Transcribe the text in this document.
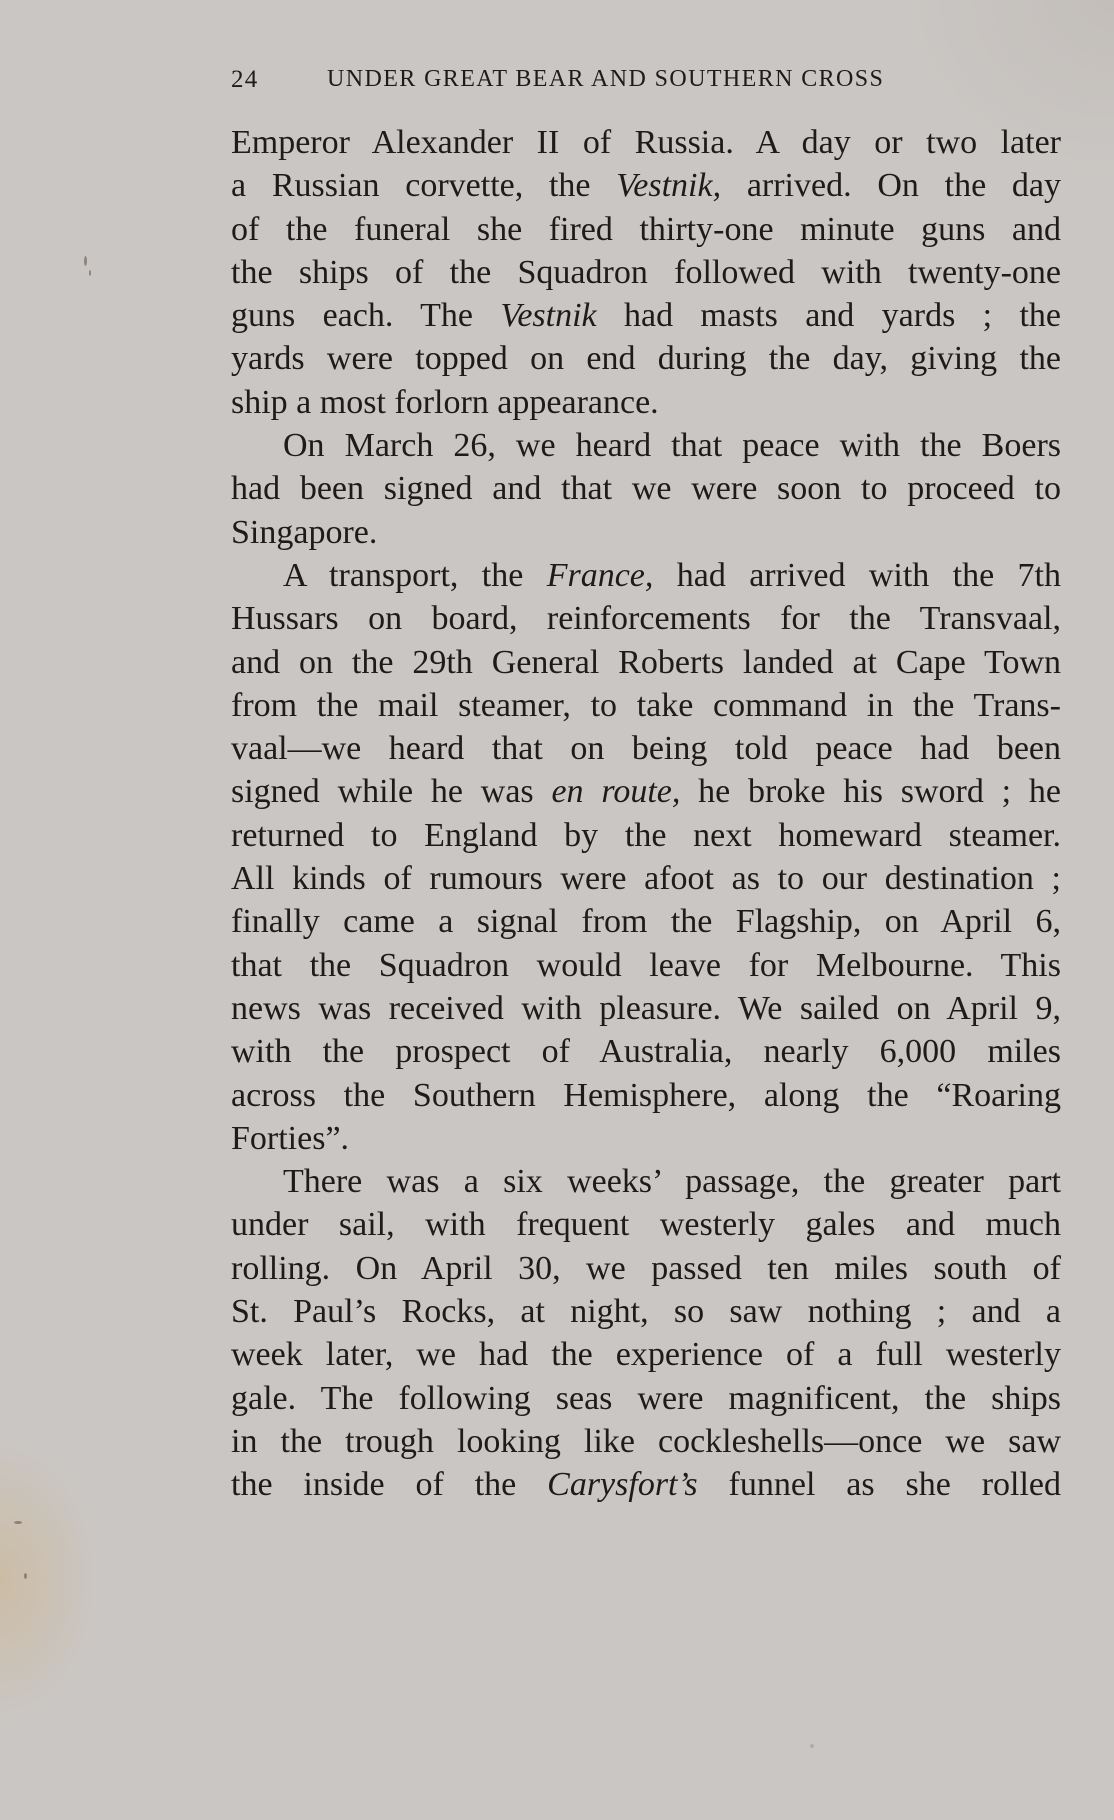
24	UNDER GREAT BEAR AND SOUTHERN CROSS
Emperor Alexander II of Russia. A day or two later
a Russian corvette, the Vestnik, arrived. On the day
of the funeral she fired thirty-one minute guns and
the ships of the Squadron followed with twenty-one
guns each. The Vestnik had masts and yards ; the
yards were topped on end during the day, giving the
ship a most forlorn appearance.
On March 26, we heard that peace with the Boers
had been signed and that we were soon to proceed to
Singapore.
A transport, the France, had arrived with the 7th
Hussars on board, reinforcements for the Transvaal,
and on the 29th General Roberts landed at Cape Town
from the mail steamer, to take command in the Trans-
vaal—we heard that on being told peace had been
signed while he was en route, he broke his sword ; he
returned to England by the next homeward steamer.
All kinds of rumours were afoot as to our destination ;
finally came a signal from the Flagship, on April 6,
that the Squadron would leave for Melbourne. This
news was received with pleasure. We sailed on April 9,
with the prospect of Australia, nearly 6,000 miles
across the Southern Hemisphere, along the “Roaring
Forties”.
There was a six weeks’ passage, the greater part
under sail, with frequent westerly gales and much
rolling. On April 30, we passed ten miles south of
St. Paul’s Rocks, at night, so saw nothing ; and a
week later, we had the experience of a full westerly
gale. The following seas were magnificent, the ships
in the trough looking like cockleshells—once we saw
the inside of the Carysfort’s funnel as she rolled
